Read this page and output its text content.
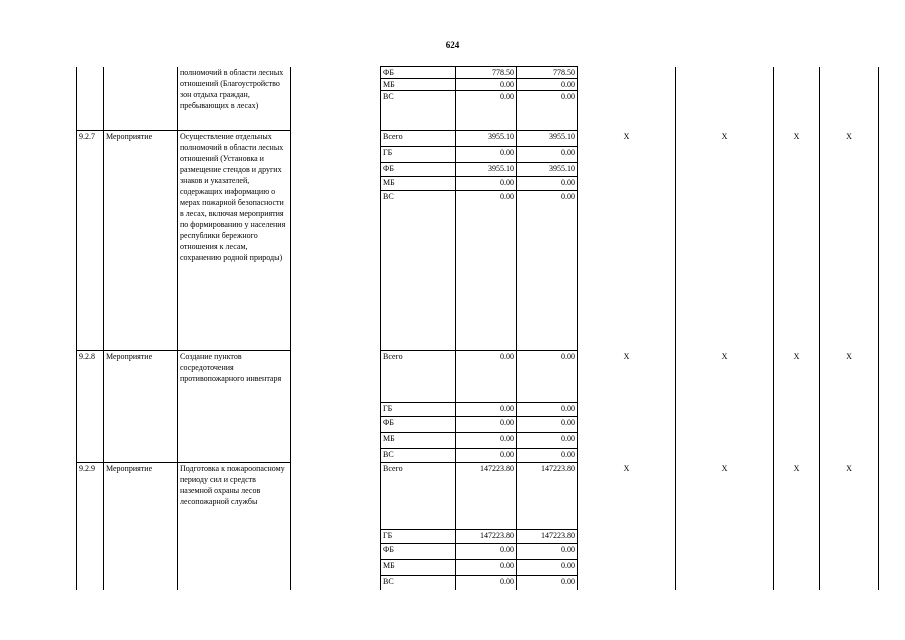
624
		полномочий в области лесных отношений (Благоустройство зон отдыха граждан, пребывающих в лесах)		ФБ	778.50	778.50				
				МБ	0.00	0.00				
				ВС	0.00	0.00				
9.2.7	Мероприятие	Осуществление отдельных полномочий в области лесных отношений (Установка и размещение стендов и других знаков и указателей, содержащих информацию о мерах пожарной безопасности в лесах, включая мероприятия по формированию у населения республики бережного отношения к лесам, сохранению родной природы)		Всего	3955.10	3955.10	X	X	X	X
				ГБ	0.00	0.00				
				ФБ	3955.10	3955.10				
				МБ	0.00	0.00				
				ВС	0.00	0.00				
9.2.8	Мероприятие	Создание пунктов сосредоточения противопожарного инвентаря		Всего	0.00	0.00	X	X	X	X
				ГБ	0.00	0.00				
				ФБ	0.00	0.00				
				МБ	0.00	0.00				
				ВС	0.00	0.00				
9.2.9	Мероприятие	Подготовка к пожароопасному периоду сил и средств наземной охраны лесов лесопожарной службы		Всего	147223.80	147223.80	X	X	X	X
				ГБ	147223.80	147223.80				
				ФБ	0.00	0.00				
				МБ	0.00	0.00				
				ВС	0.00	0.00				
